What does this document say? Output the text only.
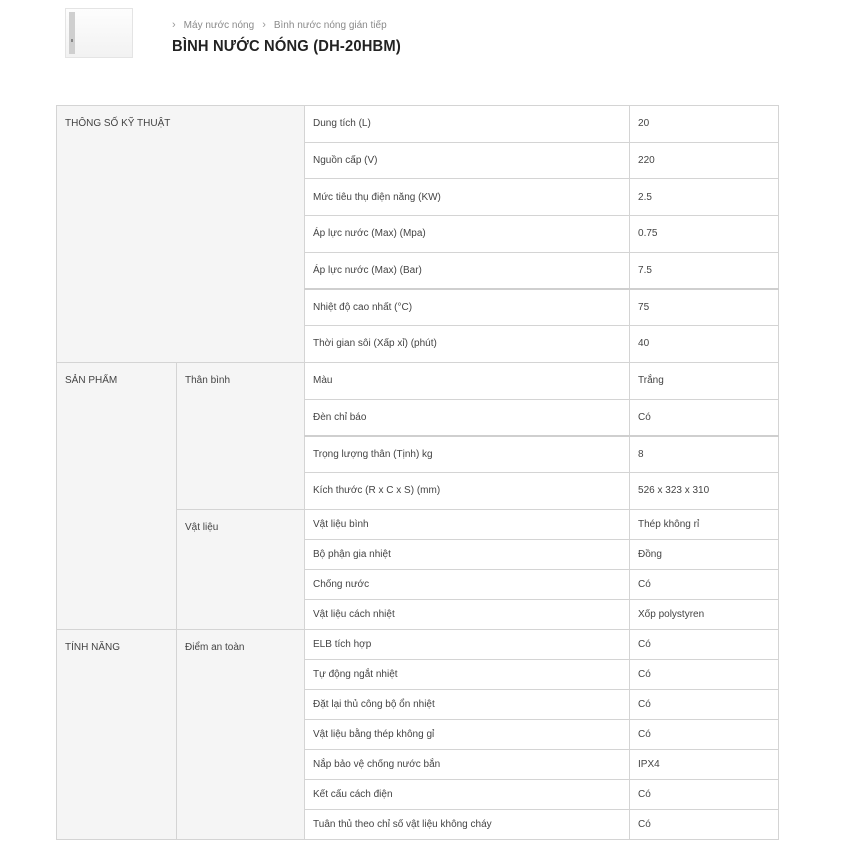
› Máy nước nóng › Bình nước nóng gián tiếp
BÌNH NƯỚC NÓNG (DH-20HBM)
THÔNG SỐ KỸ THUẬT		Dung tích (L)	20
		Nguồn cấp (V)	220
		Mức tiêu thụ điện năng (KW)	2.5
		Áp lực nước (Max) (Mpa)	0.75
		Áp lực nước (Max) (Bar)	7.5
		Nhiệt độ cao nhất (°C)	75
		Thời gian sôi (Xấp xỉ) (phút)	40
SẢN PHẨM	Thân bình	Màu	Trắng
		Đèn chỉ báo	Có
		Trọng lượng thân (Tịnh) kg	8
		Kích thước (R x C x S) (mm)	526 x 323 x 310
	Vật liệu	Vật liệu bình	Thép không rỉ
		Bộ phận gia nhiệt	Đồng
		Chống nước	Có
		Vật liệu cách nhiệt	Xốp polystyren
TÍNH NĂNG	Điểm an toàn	ELB tích hợp	Có
		Tự động ngắt nhiệt	Có
		Đặt lại thủ công bộ ổn nhiệt	Có
		Vật liệu bằng thép không gỉ	Có
		Nắp bảo vệ chống nước bắn	IPX4
		Kết cấu cách điện	Có
		Tuân thủ theo chỉ số vật liệu không cháy	Có
